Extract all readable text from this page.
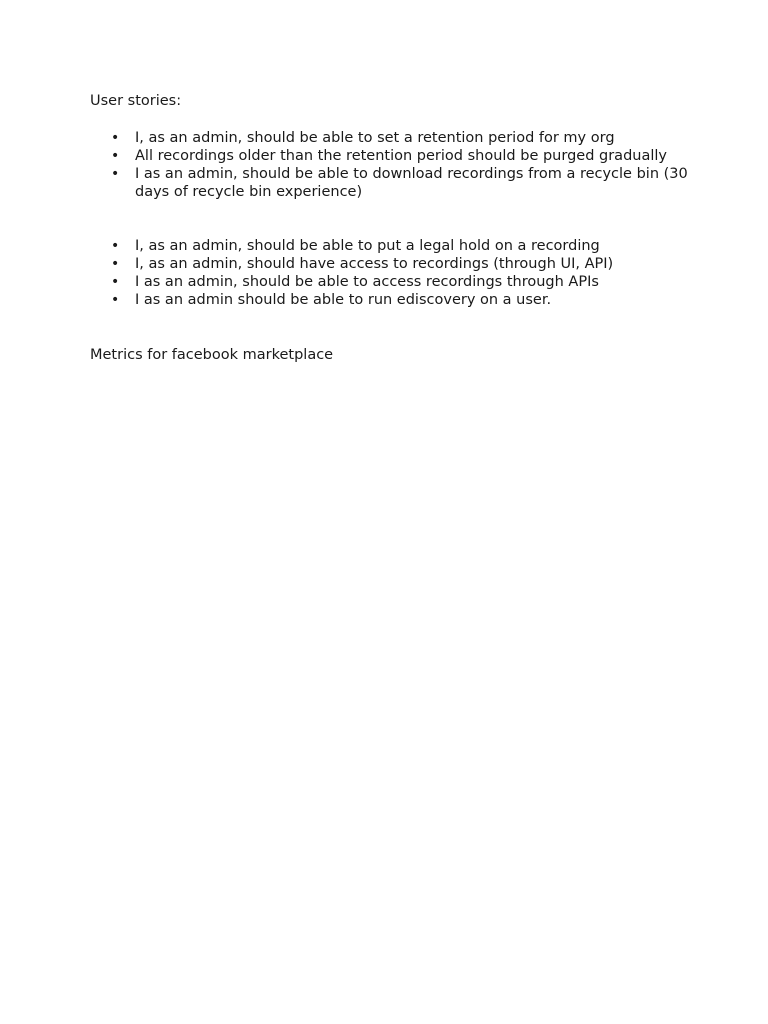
User stories:
• I, as an admin, should be able to set a retention period for my org
• All recordings older than the retention period should be purged gradually
• I as an admin, should be able to download recordings from a recycle bin (30 days of recycle bin experience)
• I, as an admin, should be able to put a legal hold on a recording
• I, as an admin, should have access to recordings (through UI, API)
• I as an admin, should be able to access recordings through APIs
• I as an admin should be able to run ediscovery on a user.
Metrics for facebook marketplace
